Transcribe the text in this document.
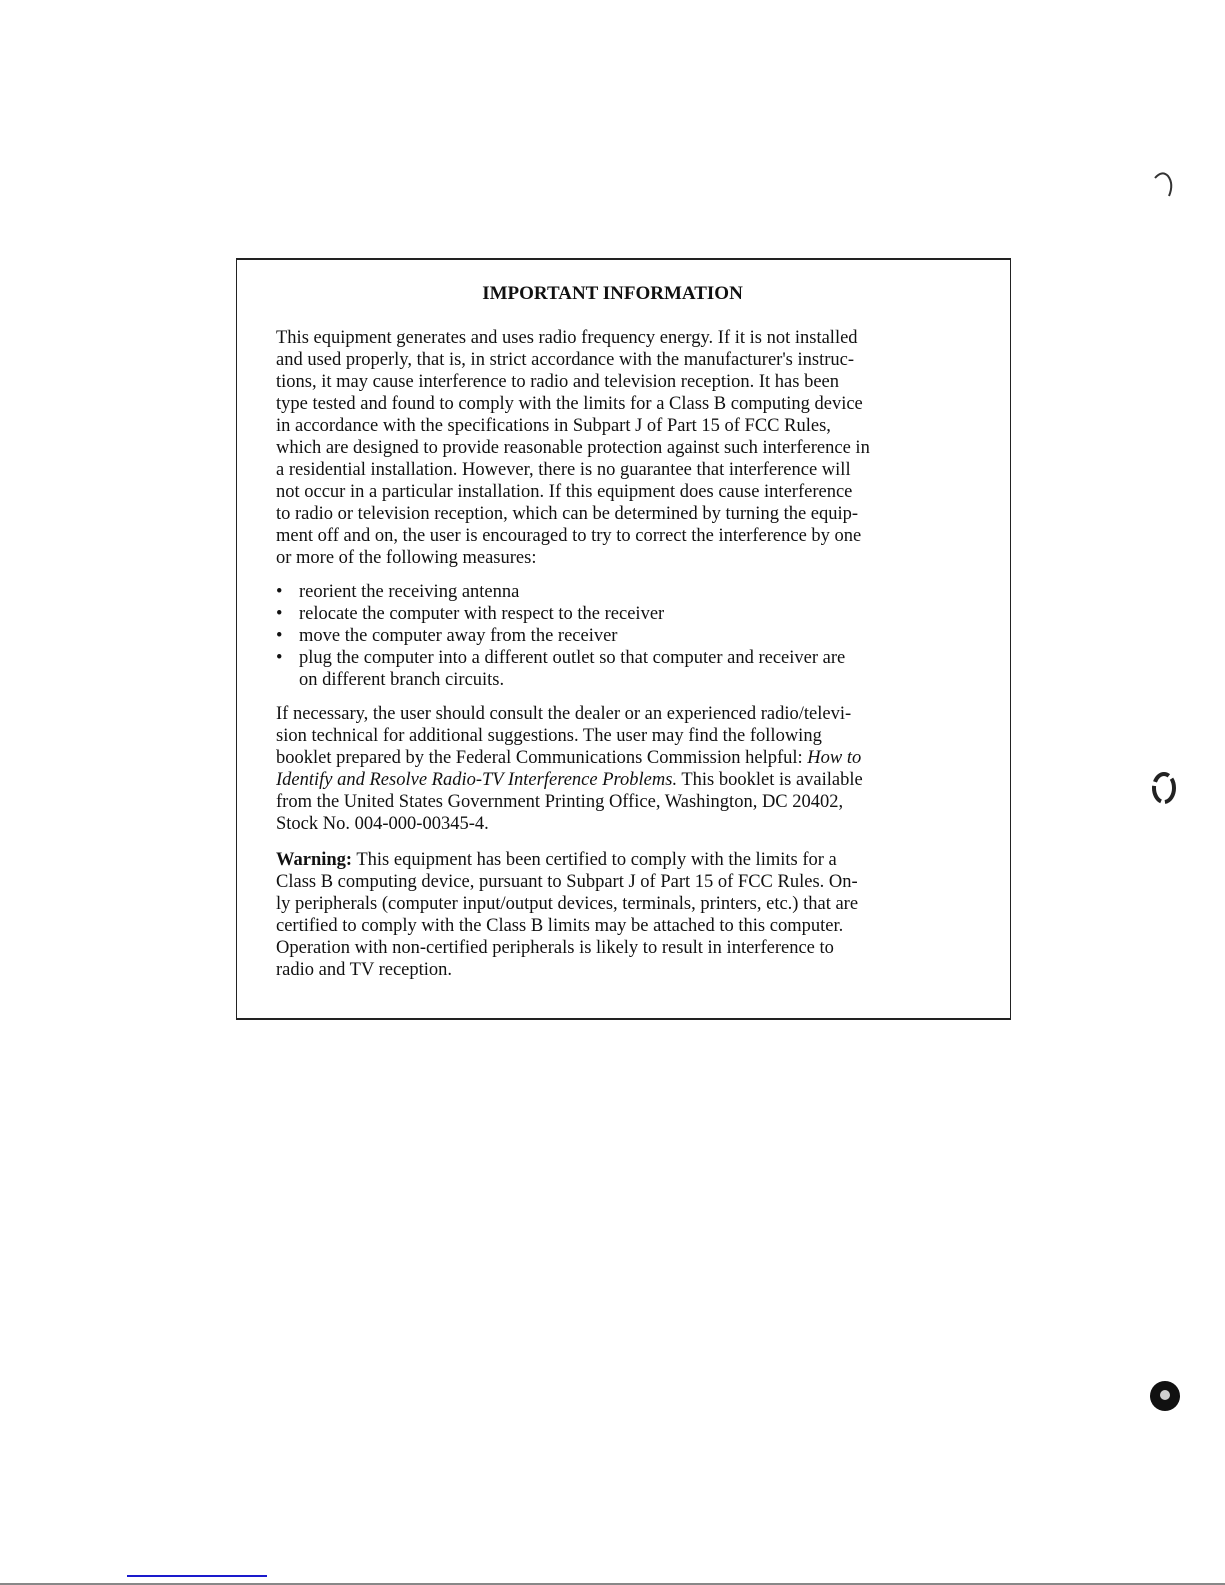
IMPORTANT INFORMATION
This equipment generates and uses radio frequency energy. If it is not installed
and used properly, that is, in strict accordance with the manufacturer's instruc-
tions, it may cause interference to radio and television reception. It has been
type tested and found to comply with the limits for a Class B computing device
in accordance with the specifications in Subpart J of Part 15 of FCC Rules,
which are designed to provide reasonable protection against such interference in
a residential installation. However, there is no guarantee that interference will
not occur in a particular installation. If this equipment does cause interference
to radio or television reception, which can be determined by turning the equip-
ment off and on, the user is encouraged to try to correct the interference by one
or more of the following measures:
• reorient the receiving antenna
• relocate the computer with respect to the receiver
• move the computer away from the receiver
• plug the computer into a different outlet so that computer and receiver are
on different branch circuits.
If necessary, the user should consult the dealer or an experienced radio/televi-
sion technical for additional suggestions. The user may find the following
booklet prepared by the Federal Communications Commission helpful: How to
Identify and Resolve Radio-TV Interference Problems. This booklet is available
from the United States Government Printing Office, Washington, DC 20402,
Stock No. 004-000-00345-4.
Warning: This equipment has been certified to comply with the limits for a
Class B computing device, pursuant to Subpart J of Part 15 of FCC Rules. On-
ly peripherals (computer input/output devices, terminals, printers, etc.) that are
certified to comply with the Class B limits may be attached to this computer.
Operation with non-certified peripherals is likely to result in interference to
radio and TV reception.
